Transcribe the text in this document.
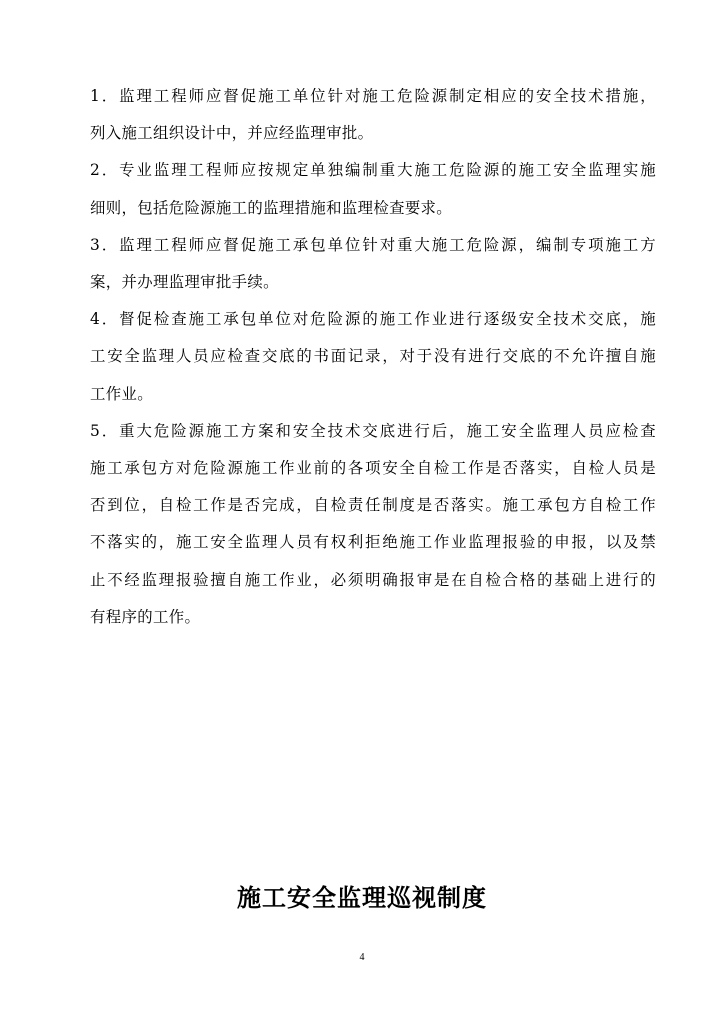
1．监理工程师应督促施工单位针对施工危险源制定相应的安全技术措施，
列入施工组织设计中，并应经监理审批。

2．专业监理工程师应按规定单独编制重大施工危险源的施工安全监理实施
细则，包括危险源施工的监理措施和监理检查要求。

3．监理工程师应督促施工承包单位针对重大施工危险源，编制专项施工方
案，并办理监理审批手续。

4．督促检查施工承包单位对危险源的施工作业进行逐级安全技术交底，施
工安全监理人员应检查交底的书面记录，对于没有进行交底的不允许擅自施
工作业。

5．重大危险源施工方案和安全技术交底进行后，施工安全监理人员应检查
施工承包方对危险源施工作业前的各项安全自检工作是否落实，自检人员是
否到位，自检工作是否完成，自检责任制度是否落实。施工承包方自检工作
不落实的，施工安全监理人员有权利拒绝施工作业监理报验的申报，以及禁
止不经监理报验擅自施工作业，必须明确报审是在自检合格的基础上进行的
有程序的工作。

施工安全监理巡视制度
4
